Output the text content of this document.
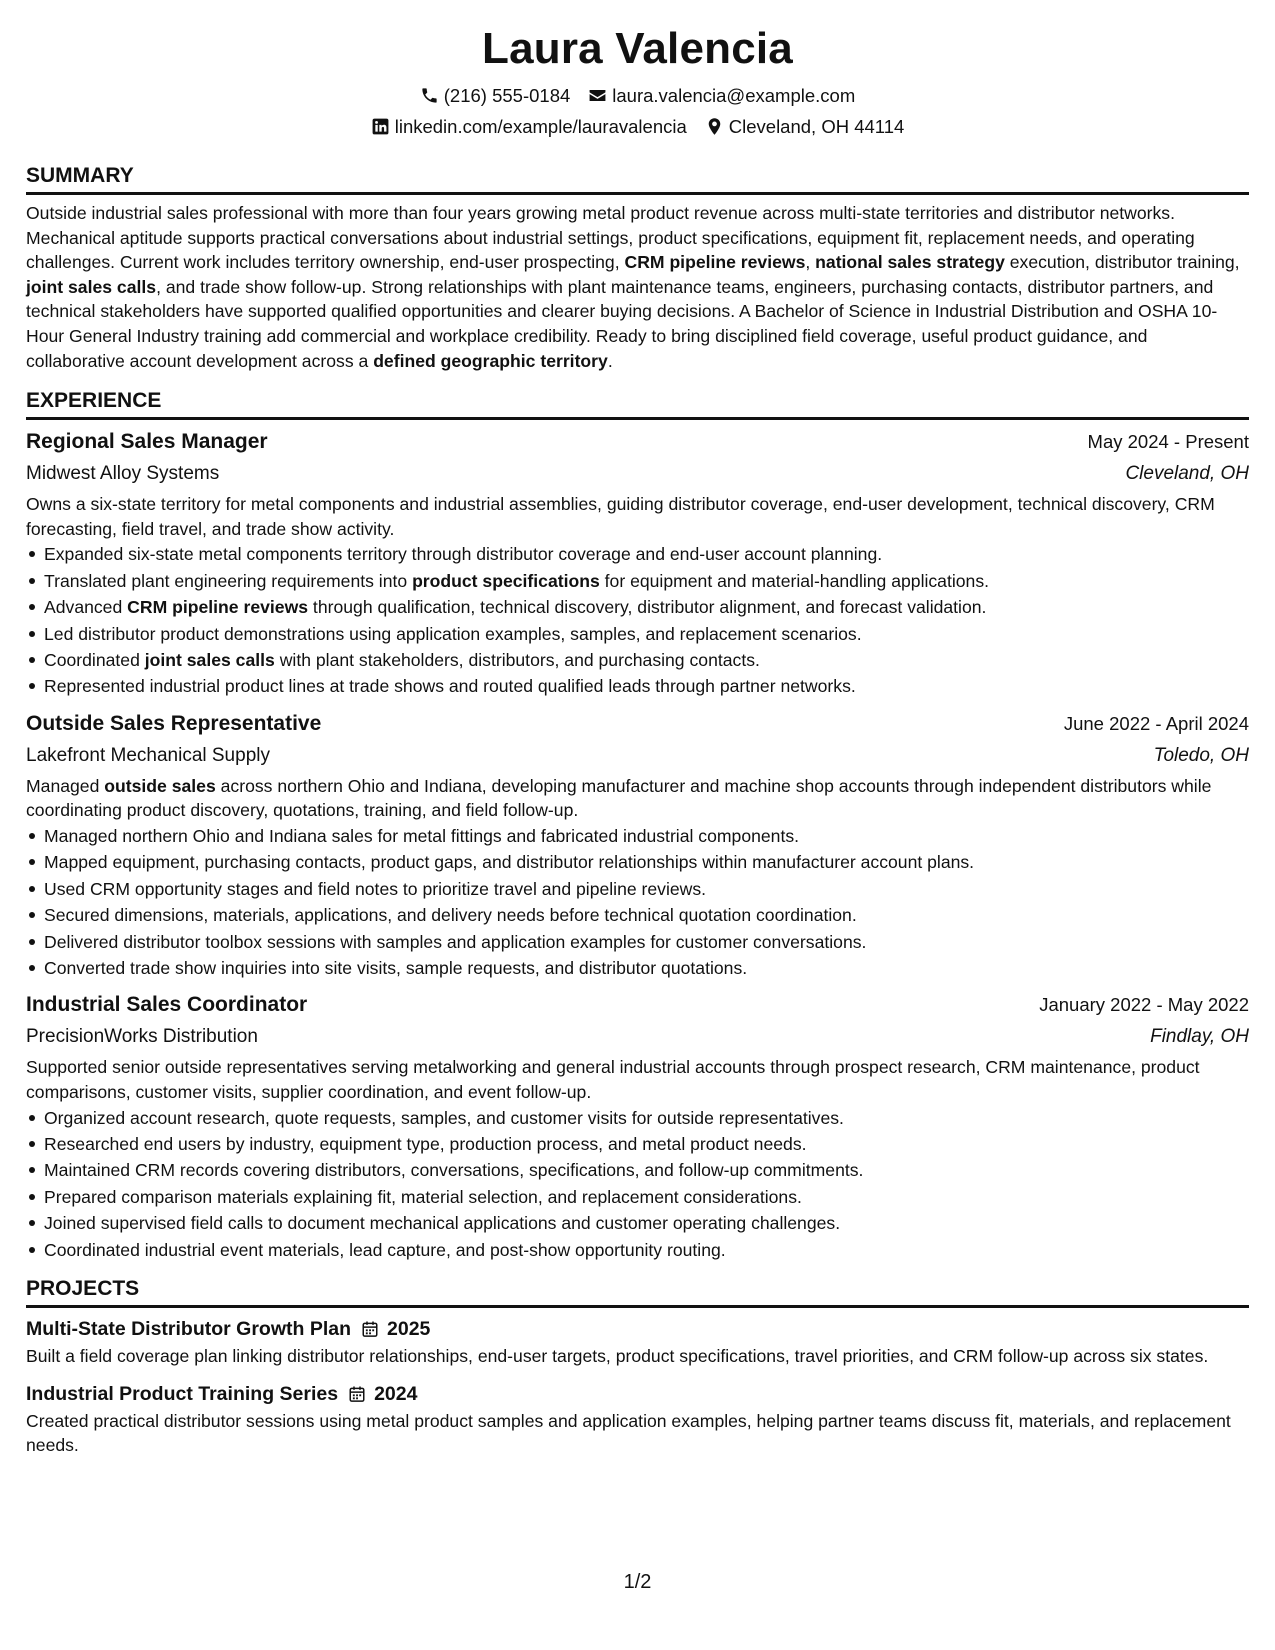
Laura Valencia
(216) 555-0184 laura.valencia@example.com
linkedin.com/example/lauravalencia Cleveland, OH 44114
SUMMARY

Outside industrial sales professional with more than four years growing metal product revenue across multi-state territories and distributor networks. Mechanical aptitude supports practical conversations about industrial settings, product specifications, equipment fit, replacement needs, and operating challenges. Current work includes territory ownership, end-user prospecting, CRM pipeline reviews, national sales strategy execution, distributor training, joint sales calls, and trade show follow-up. Strong relationships with plant maintenance teams, engineers, purchasing contacts, distributor partners, and technical stakeholders have supported qualified opportunities and clearer buying decisions. A Bachelor of Science in Industrial Distribution and OSHA 10-Hour General Industry training add commercial and workplace credibility. Ready to bring disciplined field coverage, useful product guidance, and collaborative account development across a defined geographic territory.

EXPERIENCE
Regional Sales Manager	May 2024 - Present
Midwest Alloy Systems	Cleveland, OH

Owns a six-state territory for metal components and industrial assemblies, guiding distributor coverage, end-user development, technical discovery, CRM forecasting, field travel, and trade show activity.

Expanded six-state metal components territory through distributor coverage and end-user account planning.
Translated plant engineering requirements into product specifications for equipment and material-handling applications.
Advanced CRM pipeline reviews through qualification, technical discovery, distributor alignment, and forecast validation.
Led distributor product demonstrations using application examples, samples, and replacement scenarios.
Coordinated joint sales calls with plant stakeholders, distributors, and purchasing contacts.
Represented industrial product lines at trade shows and routed qualified leads through partner networks.
Outside Sales Representative	June 2022 - April 2024
Lakefront Mechanical Supply	Toledo, OH

Managed outside sales across northern Ohio and Indiana, developing manufacturer and machine shop accounts through independent distributors while coordinating product discovery, quotations, training, and field follow-up.

Managed northern Ohio and Indiana sales for metal fittings and fabricated industrial components.
Mapped equipment, purchasing contacts, product gaps, and distributor relationships within manufacturer account plans.
Used CRM opportunity stages and field notes to prioritize travel and pipeline reviews.
Secured dimensions, materials, applications, and delivery needs before technical quotation coordination.
Delivered distributor toolbox sessions with samples and application examples for customer conversations.
Converted trade show inquiries into site visits, sample requests, and distributor quotations.
Industrial Sales Coordinator	January 2022 - May 2022
PrecisionWorks Distribution	Findlay, OH

Supported senior outside representatives serving metalworking and general industrial accounts through prospect research, CRM maintenance, product comparisons, customer visits, supplier coordination, and event follow-up.

Organized account research, quote requests, samples, and customer visits for outside representatives.
Researched end users by industry, equipment type, production process, and metal product needs.
Maintained CRM records covering distributors, conversations, specifications, and follow-up commitments.
Prepared comparison materials explaining fit, material selection, and replacement considerations.
Joined supervised field calls to document mechanical applications and customer operating challenges.
Coordinated industrial event materials, lead capture, and post-show opportunity routing.
PROJECTS
Multi-State Distributor Growth Plan 2025

Built a field coverage plan linking distributor relationships, end-user targets, product specifications, travel priorities, and CRM follow-up across six states.

Industrial Product Training Series 2024

Created practical distributor sessions using metal product samples and application examples, helping partner teams discuss fit, materials, and replacement needs.

1/2
